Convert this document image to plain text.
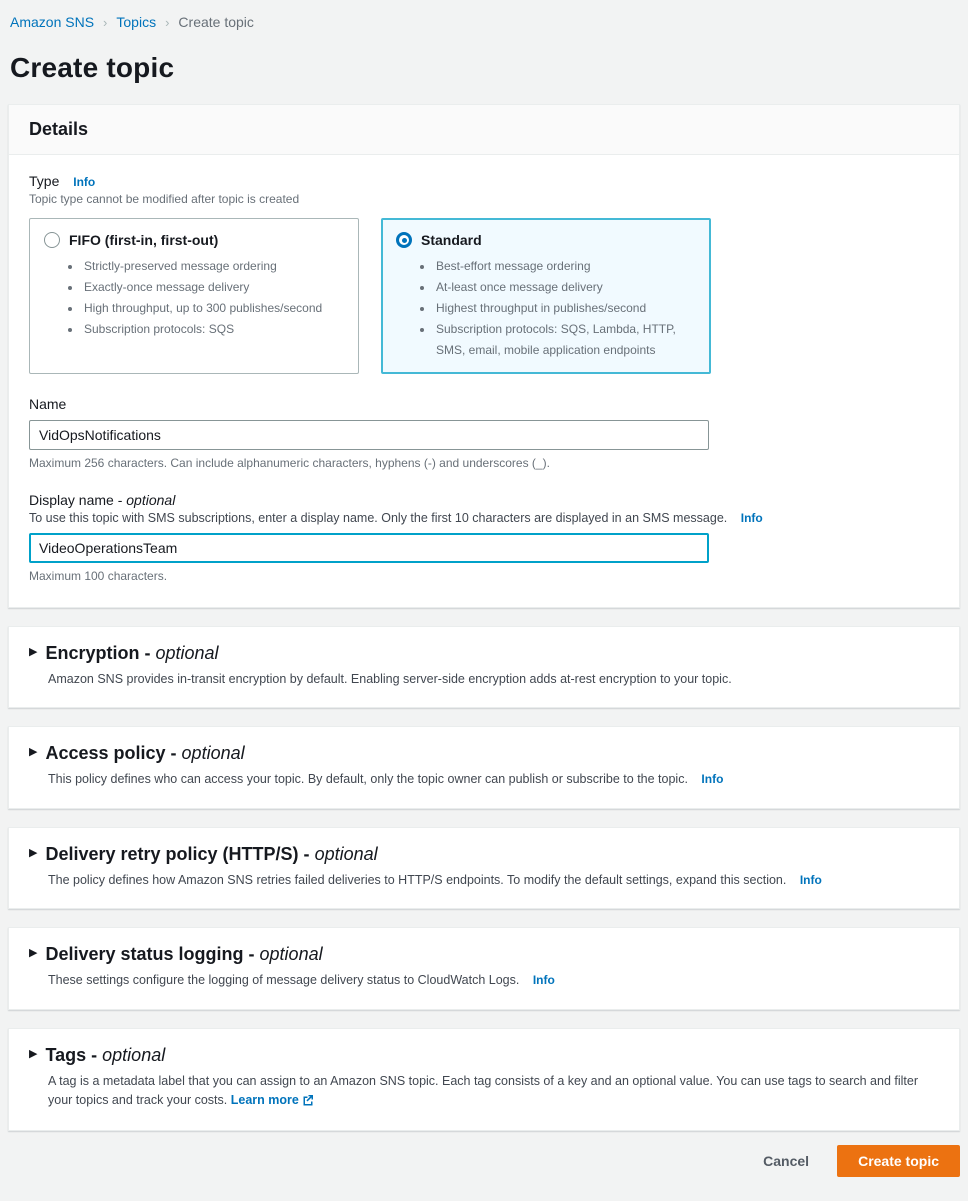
Amazon SNS › Topics › Create topic
Create topic
Details
Type Info
Topic type cannot be modified after topic is created
FIFO (first-in, first-out)
• Strictly-preserved message ordering
• Exactly-once message delivery
• High throughput, up to 300 publishes/second
• Subscription protocols: SQS
Standard
• Best-effort message ordering
• At-least once message delivery
• Highest throughput in publishes/second
• Subscription protocols: SQS, Lambda, HTTP, SMS, email, mobile application endpoints
Name
VidOpsNotifications
Maximum 256 characters. Can include alphanumeric characters, hyphens (-) and underscores (_).
Display name - optional
To use this topic with SMS subscriptions, enter a display name. Only the first 10 characters are displayed in an SMS message. Info
VideoOperationsTeam
Maximum 100 characters.
▶ Encryption - optional
Amazon SNS provides in-transit encryption by default. Enabling server-side encryption adds at-rest encryption to your topic.
▶ Access policy - optional
This policy defines who can access your topic. By default, only the topic owner can publish or subscribe to the topic. Info
▶ Delivery retry policy (HTTP/S) - optional
The policy defines how Amazon SNS retries failed deliveries to HTTP/S endpoints. To modify the default settings, expand this section. Info
▶ Delivery status logging - optional
These settings configure the logging of message delivery status to CloudWatch Logs. Info
▶ Tags - optional
A tag is a metadata label that you can assign to an Amazon SNS topic. Each tag consists of a key and an optional value. You can use tags to search and filter your topics and track your costs. Learn more
Cancel	Create topic
